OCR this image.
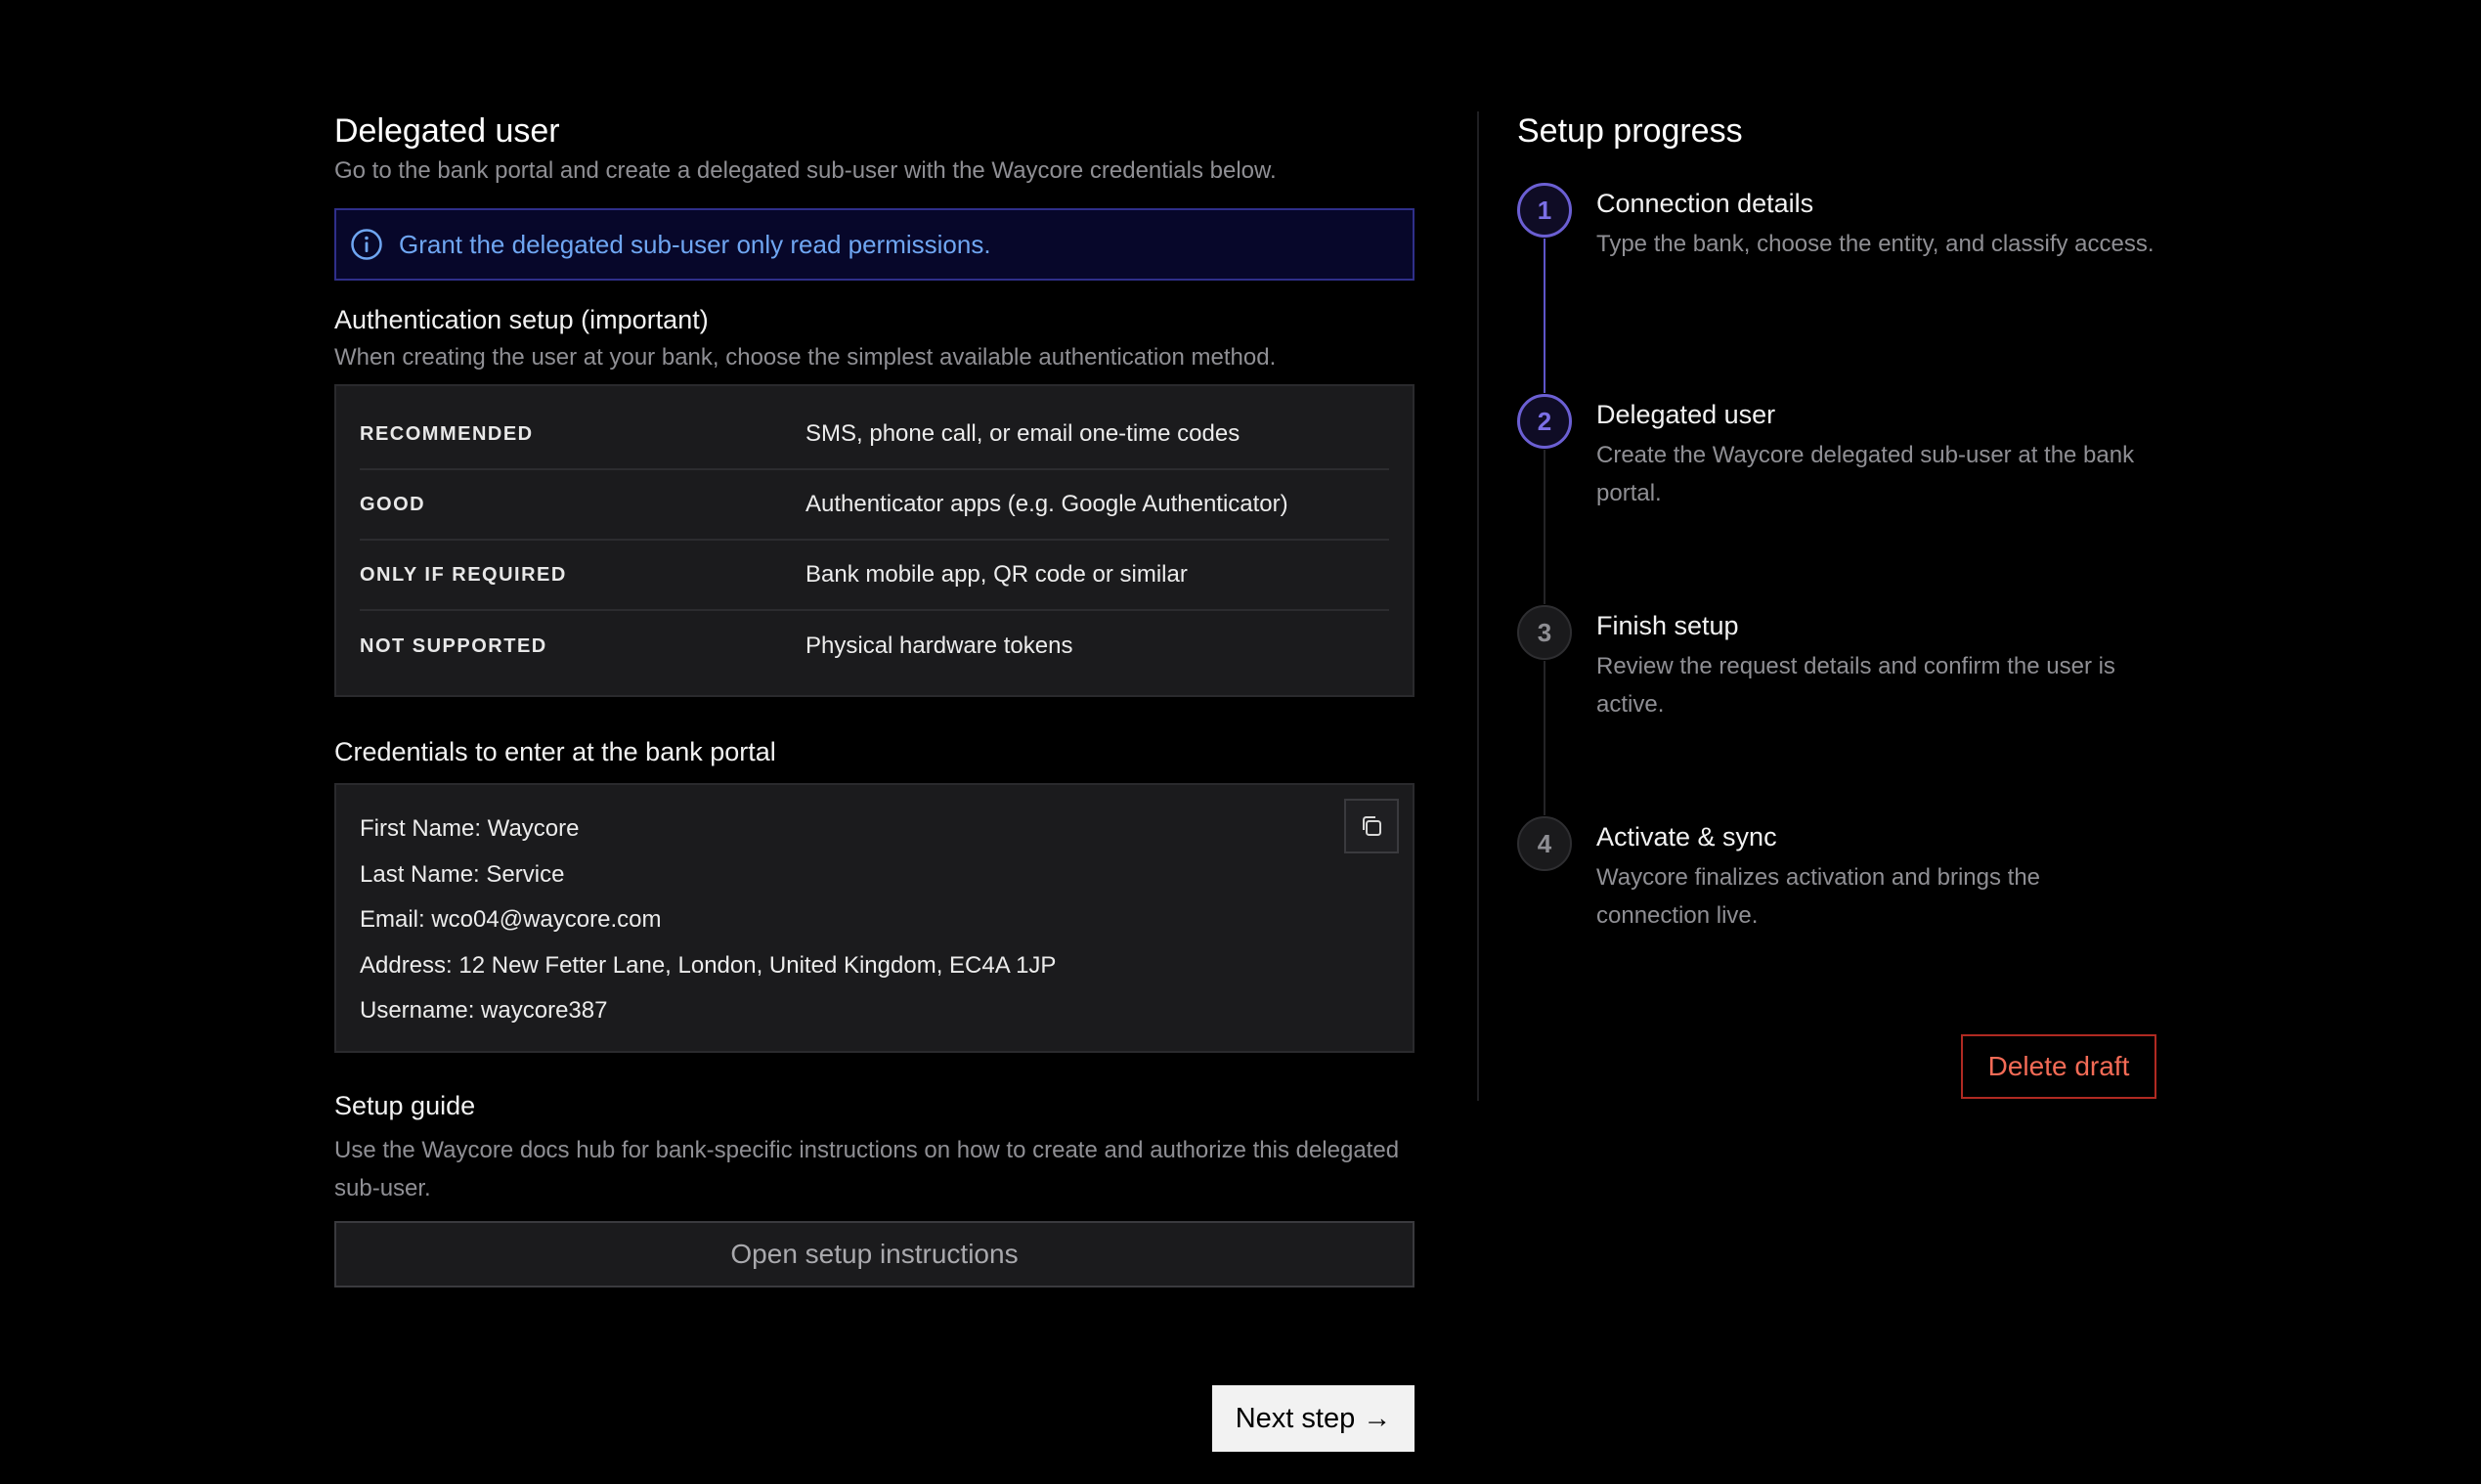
Delegated user
Go to the bank portal and create a delegated sub-user with the Waycore credentials below.
Grant the delegated sub-user only read permissions.
Authentication setup (important)
When creating the user at your bank, choose the simplest available authentication method.
RECOMMENDED	SMS, phone call, or email one-time codes
GOOD	Authenticator apps (e.g. Google Authenticator)
ONLY IF REQUIRED	Bank mobile app, QR code or similar
NOT SUPPORTED	Physical hardware tokens
Credentials to enter at the bank portal
First Name: Waycore
Last Name: Service
Email: wco04@waycore.com
Address: 12 New Fetter Lane, London, United Kingdom, EC4A 1JP
Username: waycore387
Setup guide
Use the Waycore docs hub for bank-specific instructions on how to create and authorize this delegated sub-user.
Open setup instructions
Next step →
Setup progress
1	Connection details
Type the bank, choose the entity, and classify access.
2	Delegated user
Create the Waycore delegated sub-user at the bank portal.
3	Finish setup
Review the request details and confirm the user is active.
4	Activate & sync
Waycore finalizes activation and brings the connection live.
Delete draft
